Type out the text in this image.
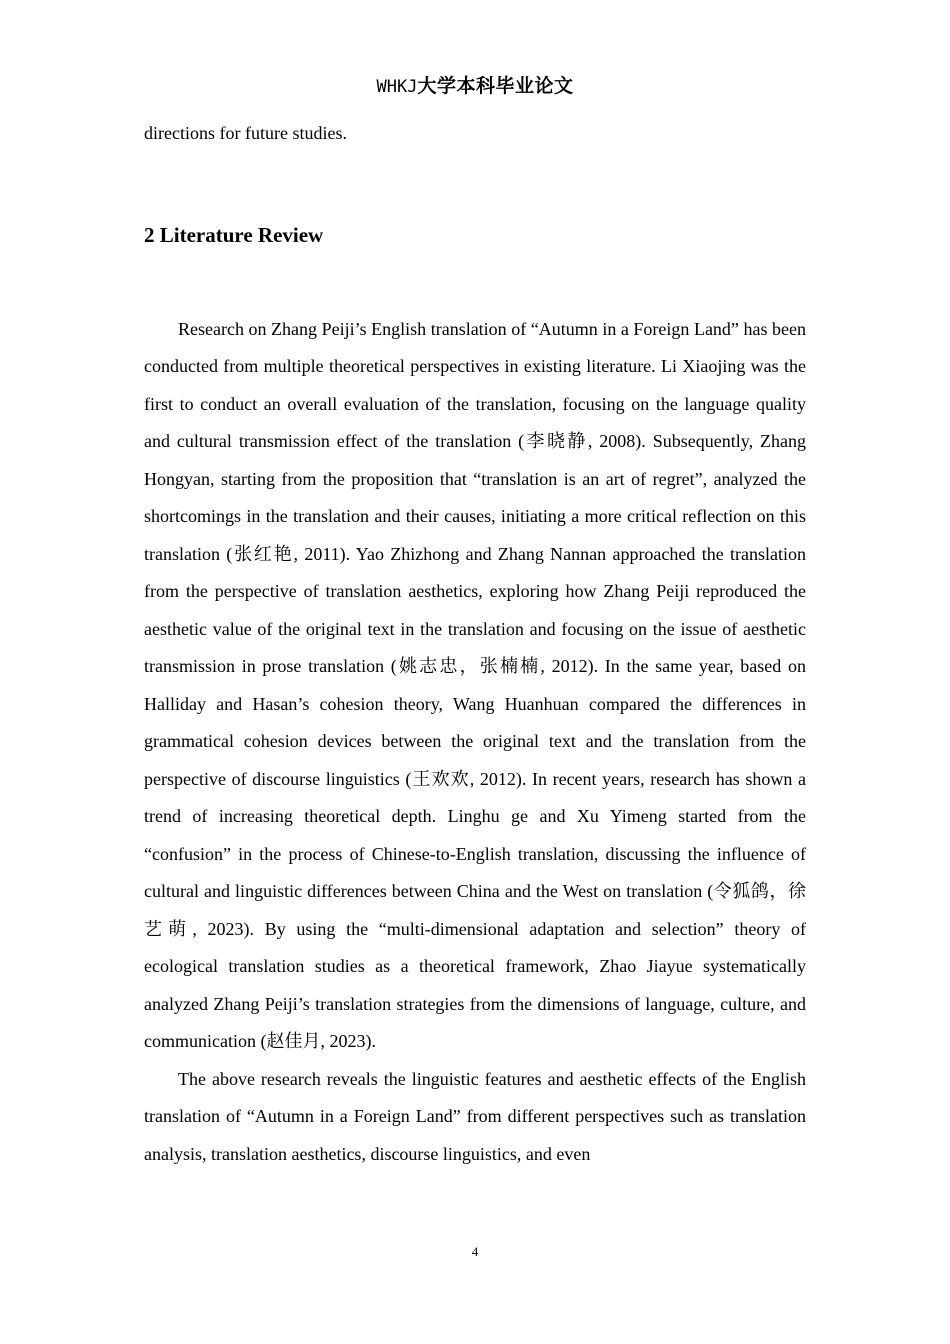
WHKJ大学本科毕业论文

directions for future studies.

2 Literature Review

Research on Zhang Peiji’s English translation of “Autumn in a Foreign Land” has been conducted from multiple theoretical perspectives in existing literature. Li Xiaojing was the first to conduct an overall evaluation of the translation, focusing on the language quality and cultural transmission effect of the translation (李晓静, 2008). Subsequently, Zhang Hongyan, starting from the proposition that “translation is an art of regret”, analyzed the shortcomings in the translation and their causes, initiating a more critical reflection on this translation (张红艳, 2011). Yao Zhizhong and Zhang Nannan approached the translation from the perspective of translation aesthetics, exploring how Zhang Peiji reproduced the aesthetic value of the original text in the translation and focusing on the issue of aesthetic transmission in prose translation (姚志忠，张楠楠, 2012). In the same year, based on Halliday and Hasan’s cohesion theory, Wang Huanhuan compared the differences in grammatical cohesion devices between the original text and the translation from the perspective of discourse linguistics (王欢欢, 2012). In recent years, research has shown a trend of increasing theoretical depth. Linghu ge and Xu Yimeng started from the “confusion” in the process of Chinese-to-English translation, discussing the influence of cultural and linguistic differences between China and the West on translation (令狐鸽，徐艺萌, 2023). By using the “multi-dimensional adaptation and selection” theory of ecological translation studies as a theoretical framework, Zhao Jiayue systematically analyzed Zhang Peiji’s translation strategies from the dimensions of language, culture, and communication (赵佳月, 2023).

The above research reveals the linguistic features and aesthetic effects of the English translation of “Autumn in a Foreign Land” from different perspectives such as translation analysis, translation aesthetics, discourse linguistics, and even

4
